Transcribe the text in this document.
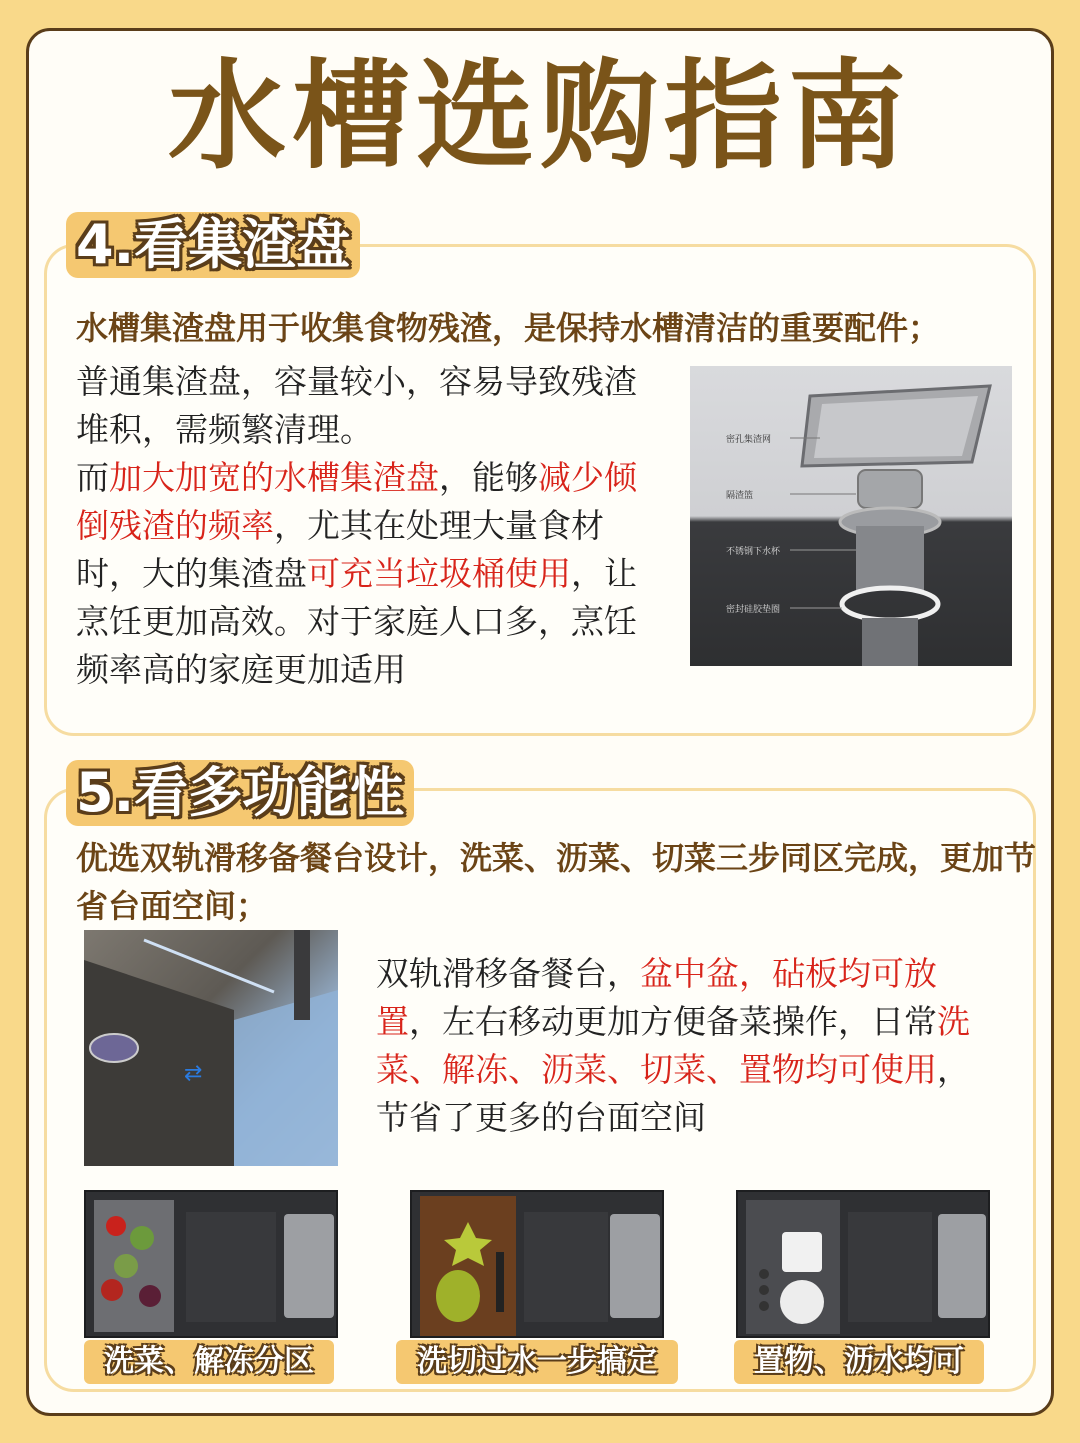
水槽选购指南
4.看集渣盘
水槽集渣盘用于收集食物残渣，是保持水槽清洁的重要配件；
普通集渣盘，容量较小，容易导致残渣堆积，需频繁清理。
而加大加宽的水槽集渣盘，能够减少倾倒残渣的频率，尤其在处理大量食材时，大的集渣盘可充当垃圾桶使用，让烹饪更加高效。对于家庭人口多，烹饪频率高的家庭更加适用
密孔集渣网
隔渣篮
不锈钢下水杯
密封硅胶垫圈
5.看多功能性
优选双轨滑移备餐台设计，洗菜、沥菜、切菜三步同区完成，更加节省台面空间；
⇄
双轨滑移备餐台，盆中盆，砧板均可放置，左右移动更加方便备菜操作，日常洗菜、解冻、沥菜、切菜、置物均可使用，节省了更多的台面空间
洗菜、解冻分区	洗切过水一步搞定	置物、沥水均可
